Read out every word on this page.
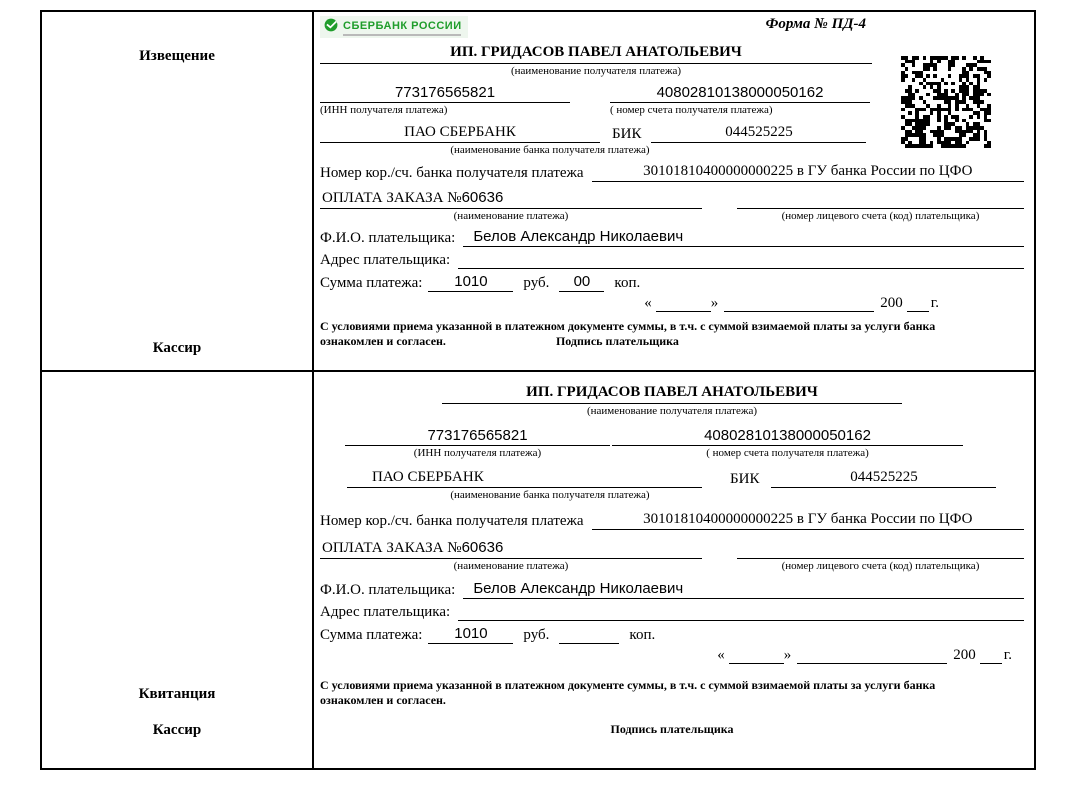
Извещение
Кассир
СБЕРБАНК РОССИИ	Форма № ПД-4
ИП. ГРИДАСОВ ПАВЕЛ АНАТОЛЬЕВИЧ
(наименование получателя платежа)
773176565821	40802810138000050162
(ИНН получателя платежа)	( номер счета получателя платежа)
ПАО СБЕРБАНК	БИК	044525225
(наименование банка получателя платежа)
Номер кор./сч. банка получателя платежа	30101810400000000225 в ГУ банка России по ЦФО
ОПЛАТА ЗАКАЗА №60636
(наименование платежа)	(номер лицевого счета (код) плательщика)
Ф.И.О. плательщика:	Белов Александр Николаевич
Адрес плательщика:
Сумма платежа:	1010	руб.	00	коп.
«	»	200 г.
С условиями приема указанной в платежном документе суммы, в т.ч. с суммой взимаемой платы за услуги банка
ознакомлен и согласен.	Подпись плательщика
Квитанция
Кассир
ИП. ГРИДАСОВ ПАВЕЛ АНАТОЛЬЕВИЧ
(наименование получателя платежа)
773176565821	40802810138000050162
(ИНН получателя платежа)	( номер счета получателя платежа)
ПАО СБЕРБАНК	БИК	044525225
(наименование банка получателя платежа)
Номер кор./сч. банка получателя платежа	30101810400000000225 в ГУ банка России по ЦФО
ОПЛАТА ЗАКАЗА №60636
(наименование платежа)	(номер лицевого счета (код) плательщика)
Ф.И.О. плательщика:	Белов Александр Николаевич
Адрес плательщика:
Сумма платежа:	1010	руб.	коп.
«	»	200 г.
С условиями приема указанной в платежном документе суммы, в т.ч. с суммой взимаемой платы за услуги банка
ознакомлен и согласен.
Подпись плательщика
